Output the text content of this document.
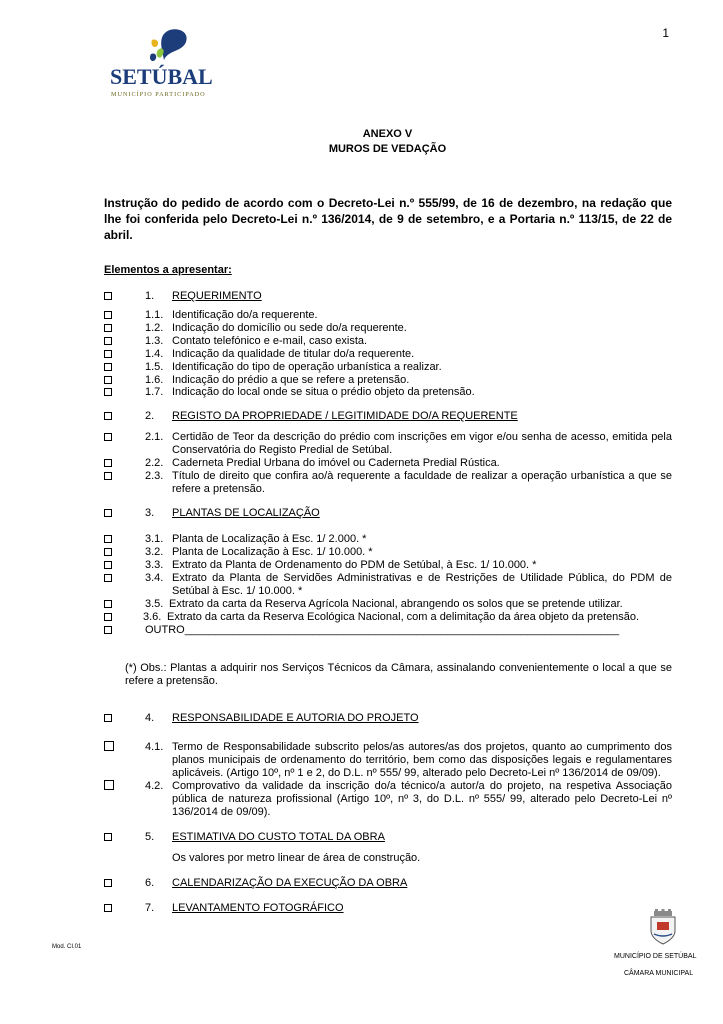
1
SETÚBAL
MUNICÍPIO PARTICIPADO
ANEXO V
MUROS DE VEDAÇÃO
Instrução do pedido de acordo com o Decreto-Lei n.º 555/99, de 16 de dezembro, na redação que lhe foi conferida pelo Decreto-Lei n.º 136/2014, de 9 de setembro, e a Portaria n.º 113/15, de 22 de abril.
Elementos a apresentar:
1. REQUERIMENTO
1.1. Identificação do/a requerente.
1.2. Indicação do domicílio ou sede do/a requerente.
1.3. Contato telefónico e e-mail, caso exista.
1.4. Indicação da qualidade de titular do/a requerente.
1.5. Identificação do tipo de operação urbanística a realizar.
1.6. Indicação do prédio a que se refere a pretensão.
1.7. Indicação do local onde se situa o prédio objeto da pretensão.
2. REGISTO DA PROPRIEDADE / LEGITIMIDADE DO/A REQUERENTE
2.1. Certidão de Teor da descrição do prédio com inscrições em vigor e/ou senha de acesso, emitida pela Conservatória do Registo Predial de Setúbal.
2.2. Caderneta Predial Urbana do imóvel ou Caderneta Predial Rústica.
2.3. Título de direito que confira ao/à requerente a faculdade de realizar a operação urbanística a que se refere a pretensão.
3. PLANTAS DE LOCALIZAÇÃO
3.1. Planta de Localização à Esc. 1/ 2.000. *
3.2. Planta de Localização à Esc. 1/ 10.000. *
3.3. Extrato da Planta de Ordenamento do PDM de Setúbal, à Esc. 1/ 10.000. *
3.4. Extrato da Planta de Servidões Administrativas e de Restrições de Utilidade Pública, do PDM de Setúbal à Esc. 1/ 10.000. *
3.5. Extrato da carta da Reserva Agrícola Nacional, abrangendo os solos que se pretende utilizar.
3.6. Extrato da carta da Reserva Ecológica Nacional, com a delimitação da área objeto da pretensão.
OUTRO_______________________________________________________________________
(*) Obs.: Plantas a adquirir nos Serviços Técnicos da Câmara, assinalando convenientemente o local a que se refere a pretensão.
4. RESPONSABILIDADE E AUTORIA DO PROJETO
4.1. Termo de Responsabilidade subscrito pelos/as autores/as dos projetos, quanto ao cumprimento dos planos municipais de ordenamento do território, bem como das disposições legais e regulamentares aplicáveis. (Artigo 10º, nº 1 e 2, do D.L. nº 555/ 99, alterado pelo Decreto-Lei nº 136/2014 de 09/09).
4.2. Comprovativo da validade da inscrição do/a técnico/a autor/a do projeto, na respetiva Associação pública de natureza profissional (Artigo 10º, nº 3, do D.L. nº 555/ 99, alterado pelo Decreto-Lei nº 136/2014 de 09/09).
5. ESTIMATIVA DO CUSTO TOTAL DA OBRA
Os valores por metro linear de área de construção.
6. CALENDARIZAÇÃO DA EXECUÇÃO DA OBRA
7. LEVANTAMENTO FOTOGRÁFICO
Mod. CI.01
MUNICÍPIO DE SETÚBAL
CÂMARA MUNICIPAL
